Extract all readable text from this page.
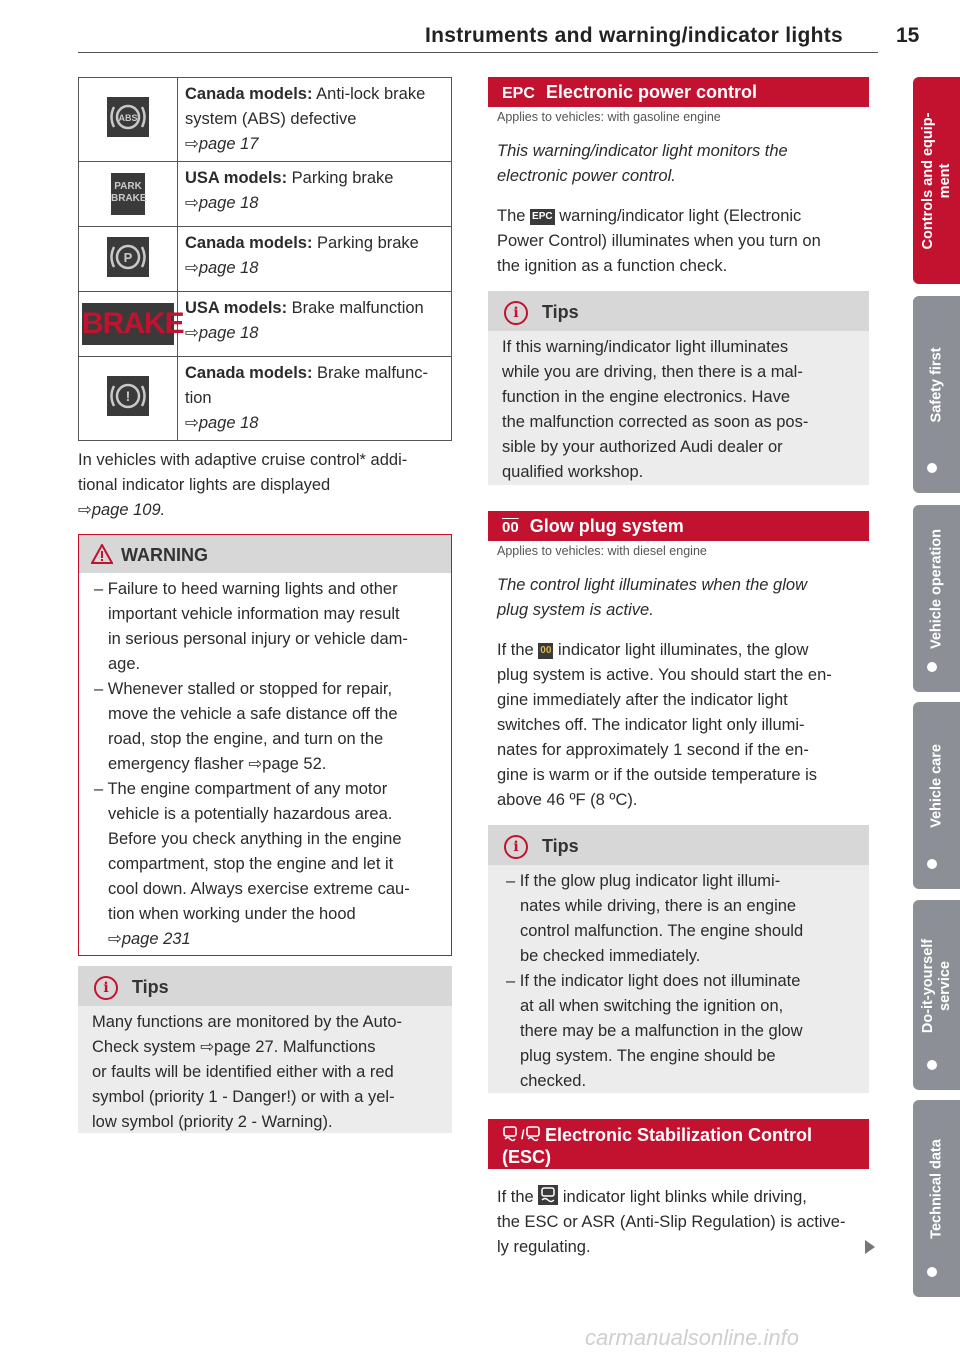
Instruments and warning/indicator lights	15
Controls and equip-
ment
Safety first
Vehicle operation
Vehicle care
Do-it-yourself
service
Technical data
ABS	Canada models: Anti-lock brake system (ABS) defective
⇨page 17
PARK
BRAKE	USA models: Parking brake
⇨page 18

P	Canada models: Parking brake
⇨page 18
BRAKE	USA models: Brake malfunction
⇨page 18

!	Canada models: Brake malfunc-
tion
⇨page 18
In vehicles with adaptive cruise control* addi-
tional indicator lights are displayed
⇨page 109.
WARNING
– Failure to heed warning lights and other
important vehicle information may result
in serious personal injury or vehicle dam-
age.
– Whenever stalled or stopped for repair,
move the vehicle a safe distance off the
road, stop the engine, and turn on the
emergency flasher ⇨page 52.
– The engine compartment of any motor
vehicle is a potentially hazardous area.
Before you check anything in the engine
compartment, stop the engine and let it
cool down. Always exercise extreme cau-
tion when working under the hood
⇨page 231
i	Tips
Many functions are monitored by the Auto-
Check system ⇨page 27. Malfunctions
or faults will be identified either with a red
symbol (priority 1 - Danger!) or with a yel-
low symbol (priority 2 - Warning).
EPC Electronic power control
Applies to vehicles: with gasoline engine
This warning/indicator light monitors the
electronic power control.
The EPC warning/indicator light (Electronic
Power Control) illuminates when you turn on
the ignition as a function check.
i	Tips
If this warning/indicator light illuminates
while you are driving, then there is a mal-
function in the engine electronics. Have
the malfunction corrected as soon as pos-
sible by your authorized Audi dealer or
qualified workshop.
00 Glow plug system
Applies to vehicles: with diesel engine
The control light illuminates when the glow
plug system is active.
If the 00 indicator light illuminates, the glow
plug system is active. You should start the en-
gine immediately after the indicator light
switches off. The indicator light only illumi-
nates for approximately 1 second if the en-
gine is warm or if the outside temperature is
above 46 ºF (8 ºC).
i	Tips
– If the glow plug indicator light illumi-
nates while driving, there is an engine
control malfunction. The engine should
be checked immediately.
– If the indicator light does not illuminate
at all when switching the ignition on,
there may be a malfunction in the glow
plug system. The engine should be
checked.
/ Electronic Stabilization Control
(ESC)
If the indicator light blinks while driving,
the ESC or ASR (Anti-Slip Regulation) is active-
ly regulating.
carmanualsonline.info
